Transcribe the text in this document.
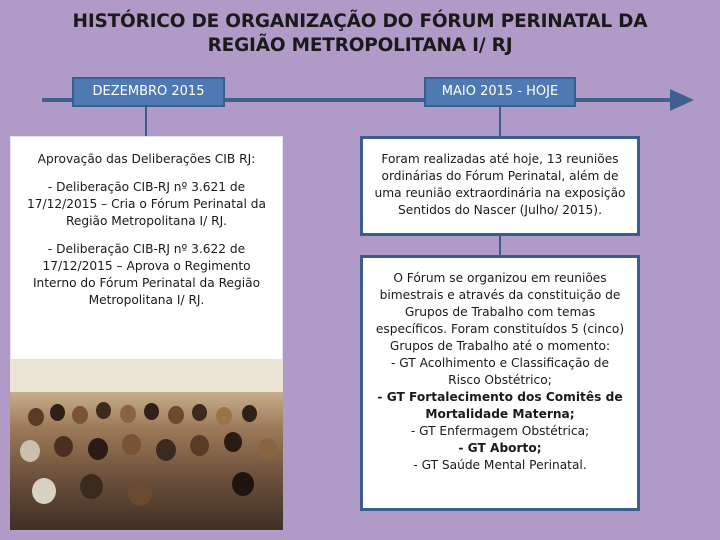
HISTÓRICO DE ORGANIZAÇÃO DO FÓRUM PERINATAL DA
REGIÃO METROPOLITANA I/ RJ
DEZEMBRO 2015	MAIO 2015 - HOJE

Aprovação das Deliberações CIB RJ:

- Deliberação CIB-RJ nº 3.621 de 17/12/2015 – Cria o Fórum Perinatal da Região Metropolitana I/ RJ.

- Deliberação CIB-RJ nº 3.622 de 17/12/2015 – Aprova o Regimento Interno do Fórum Perinatal da Região Metropolitana I/ RJ.

Foram realizadas até hoje, 13 reuniões ordinárias do Fórum Perinatal, além de uma reunião extraordinária na exposição Sentidos do Nascer (Julho/ 2015).

O Fórum se organizou em reuniões bimestrais e através da constituição de Grupos de Trabalho com temas específicos. Foram constituídos 5 (cinco) Grupos de Trabalho até o momento:

- GT Acolhimento e Classificação de Risco Obstétrico;

- GT Fortalecimento dos Comitês de Mortalidade Materna;

- GT Enfermagem Obstétrica;

- GT Aborto;

- GT Saúde Mental Perinatal.
